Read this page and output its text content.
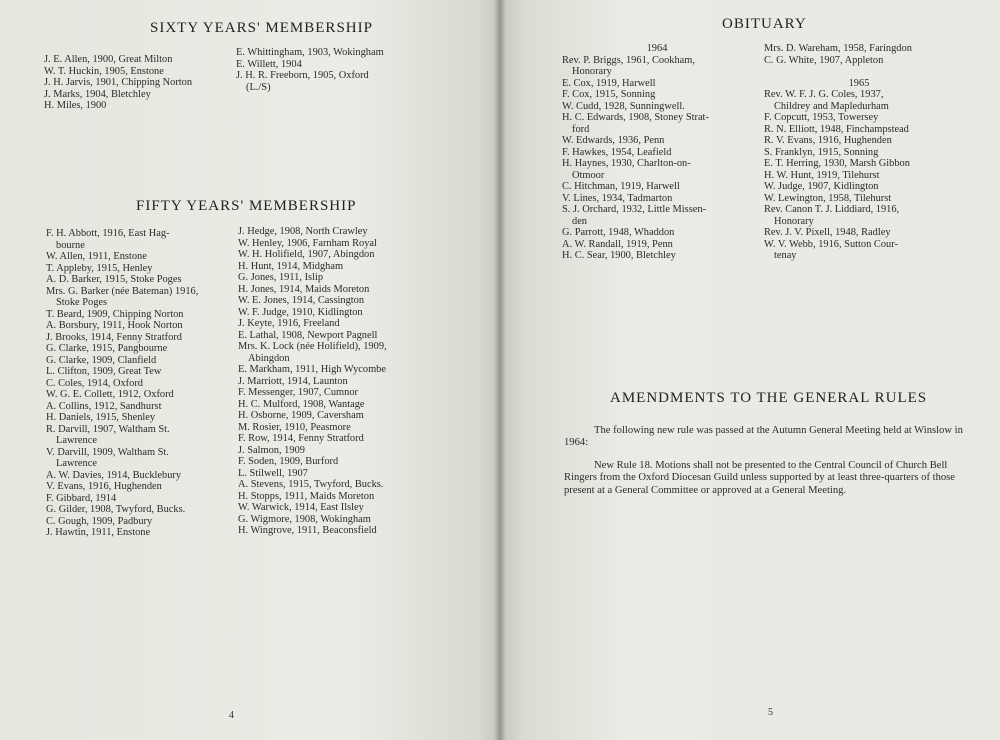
SIXTY YEARS' MEMBERSHIP
J. E. Allen, 1900, Great Milton
W. T. Huckin, 1905, Enstone
J. H. Jarvis, 1901, Chipping Norton
J. Marks, 1904, Bletchley
H. Miles, 1900
E. Whittingham, 1903, Wokingham
E. Willett, 1904
J. H. R. Freeborn, 1905, Oxford
(L./S)
FIFTY YEARS' MEMBERSHIP
F. H. Abbott, 1916, East Hag-
bourne
W. Allen, 1911, Enstone
T. Appleby, 1915, Henley
A. D. Barker, 1915, Stoke Poges
Mrs. G. Barker (née Bateman) 1916,
Stoke Poges
T. Beard, 1909, Chipping Norton
A. Borsbury, 1911, Hook Norton
J. Brooks, 1914, Fenny Stratford
G. Clarke, 1915, Pangbourne
G. Clarke, 1909, Clanfield
L. Clifton, 1909, Great Tew
C. Coles, 1914, Oxford
W. G. E. Collett, 1912, Oxford
A. Collins, 1912, Sandhurst
H. Daniels, 1915, Shenley
R. Darvill, 1907, Waltham St.
Lawrence
V. Darvill, 1909, Waltham St.
Lawrence
A. W. Davies, 1914, Bucklebury
V. Evans, 1916, Hughenden
F. Gibbard, 1914
G. Gilder, 1908, Twyford, Bucks.
C. Gough, 1909, Padbury
J. Hawtin, 1911, Enstone
J. Hedge, 1908, North Crawley
W. Henley, 1906, Farnham Royal
W. H. Holifield, 1907, Abingdon
H. Hunt, 1914, Midgham
G. Jones, 1911, Islip
H. Jones, 1914, Maids Moreton
W. E. Jones, 1914, Cassington
W. F. Judge, 1910, Kidlington
J. Keyte, 1916, Freeland
E. Lathal, 1908, Newport Pagnell
Mrs. K. Lock (née Holifield), 1909,
Abingdon
E. Markham, 1911, High Wycombe
J. Marriott, 1914, Launton
F. Messenger, 1907, Cumnor
H. C. Mulford, 1908, Wantage
H. Osborne, 1909, Caversham
M. Rosier, 1910, Peasmore
F. Row, 1914, Fenny Stratford
J. Salmon, 1909
F. Soden, 1909, Burford
L. Stilwell, 1907
A. Stevens, 1915, Twyford, Bucks.
H. Stopps, 1911, Maids Moreton
W. Warwick, 1914, East Ilsley
G. Wigmore, 1908, Wokingham
H. Wingrove, 1911, Beaconsfield
4
OBITUARY
1964
Rev. P. Briggs, 1961, Cookham,
Honorary
E. Cox, 1919, Harwell
F. Cox, 1915, Sonning
W. Cudd, 1928, Sunningwell.
H. C. Edwards, 1908, Stoney Strat-
ford
W. Edwards, 1936, Penn
F. Hawkes, 1954, Leafield
H. Haynes, 1930, Charlton-on-
Otmoor
C. Hitchman, 1919, Harwell
V. Lines, 1934, Tadmarton
S. J. Orchard, 1932, Little Missen-
den
G. Parrott, 1948, Whaddon
A. W. Randall, 1919, Penn
H. C. Sear, 1900, Bletchley
Mrs. D. Wareham, 1958, Faringdon
C. G. White, 1907, Appleton

1965
Rev. W. F. J. G. Coles, 1937,
Childrey and Mapledurham
F. Copcutt, 1953, Towersey
R. N. Elliott, 1948, Finchampstead
R. V. Evans, 1916, Hughenden
S. Franklyn, 1915, Sonning
E. T. Herring, 1930, Marsh Gibbon
H. W. Hunt, 1919, Tilehurst
W. Judge, 1907, Kidlington
W. Lewington, 1958, Tilehurst
Rev. Canon T. J. Liddiard, 1916,
Honorary
Rev. J. V. Pixell, 1948, Radley
W. V. Webb, 1916, Sutton Cour-
tenay
AMENDMENTS TO THE GENERAL RULES
The following new rule was passed at the Autumn General Meeting held at Winslow in 1964:
New Rule 18. Motions shall not be presented to the Central Council of Church Bell Ringers from the Oxford Diocesan Guild unless supported by at least three-quarters of those present at a General Committee or approved at a General Meeting.
5
